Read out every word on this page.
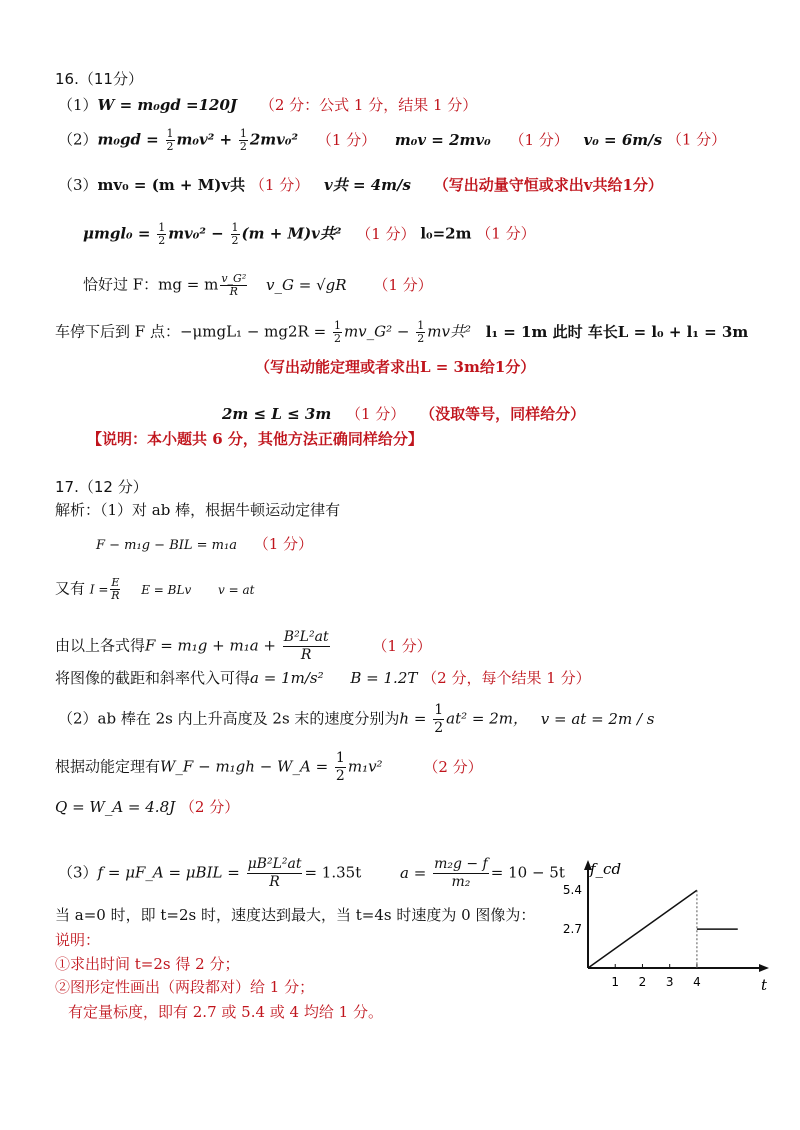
16.（11分）
（1）W = m₀gd =120J （2 分：公式 1 分，结果 1 分）
$(2)m_0gd = \frac{1}{2} m_0v^2 + \frac{1}{2} 2mv_0^2$ （1 分） m₀v = 2mv₀ （1 分） v₀ = 6m/s （1 分）
（3）mv₀ = (m + M)v共 （1 分） v共 = 4m/s （写出动量守恒或求出v共给1分）
$\mu mgl_0 = \frac{1}{2} mv_0^2 - \frac{1}{2} (m + M)v$共² （1 分） l₀=2m （1 分）
恰好过 F：mg = m $\frac{\text{v\_G²}}{R}$ v_G = √gR （1 分）
车停下后到 F 点：$-\mu mgL_1 - mg2R = \frac{1}{2}$ mv_G² − $\frac{1}{2}$ mv共² l₁ = 1m 此时 车长L = l₀ + l₁ = 3m
（写出动能定理或者求出L = 3m给1分）
2m ≤ L ≤ 3m （1 分） （没取等号，同样给分）
【说明：本小题共 6 分，其他方法正确同样给分】
17.（12 分）
解析：（1）对 ab 棒，根据牛顿运动定律有
F − m₁g − BIL = m₁a （1 分）
又有 $I = \frac{E}{R}$ E = BLv v = at
由以上各式得$F = m_1g + m_1a + \frac{\text{B²L²at}}{R}$	（1 分）
将图像的截距和斜率代入可得a = 1m/s² B = 1.2T （2 分，每个结果 1 分）
（2）ab 棒在 2s 内上升高度及 2s 末的速度分别为$h = \frac{1}{2} at^2 = 2m$， v = at = 2m / s
根据动能定理有W_F − m₁gh − W_A = $\frac{1}{2} m_1v^2$	（2 分）
Q = W_A = 4.8J （2 分）
（3）f = μF_A = $\mu BIL = \frac{\text{μB²L²at}}{R} = 1.35t$	$a = \frac{\text{m₂g − f}}{\text{m₂}} = 10 - 5t$
当 a=0 时，即 t=2s 时，速度达到最大，当 t=4s 时速度为 0 图像为：
说明：
①求出时间 t=2s 得 2 分；
②图形定性画出（两段都对）给 1 分；
有定量标度，即有 2.7 或 5.4 或 4 均给 1 分。
f_cd
t
2.7
5.4
1 2 3 4
